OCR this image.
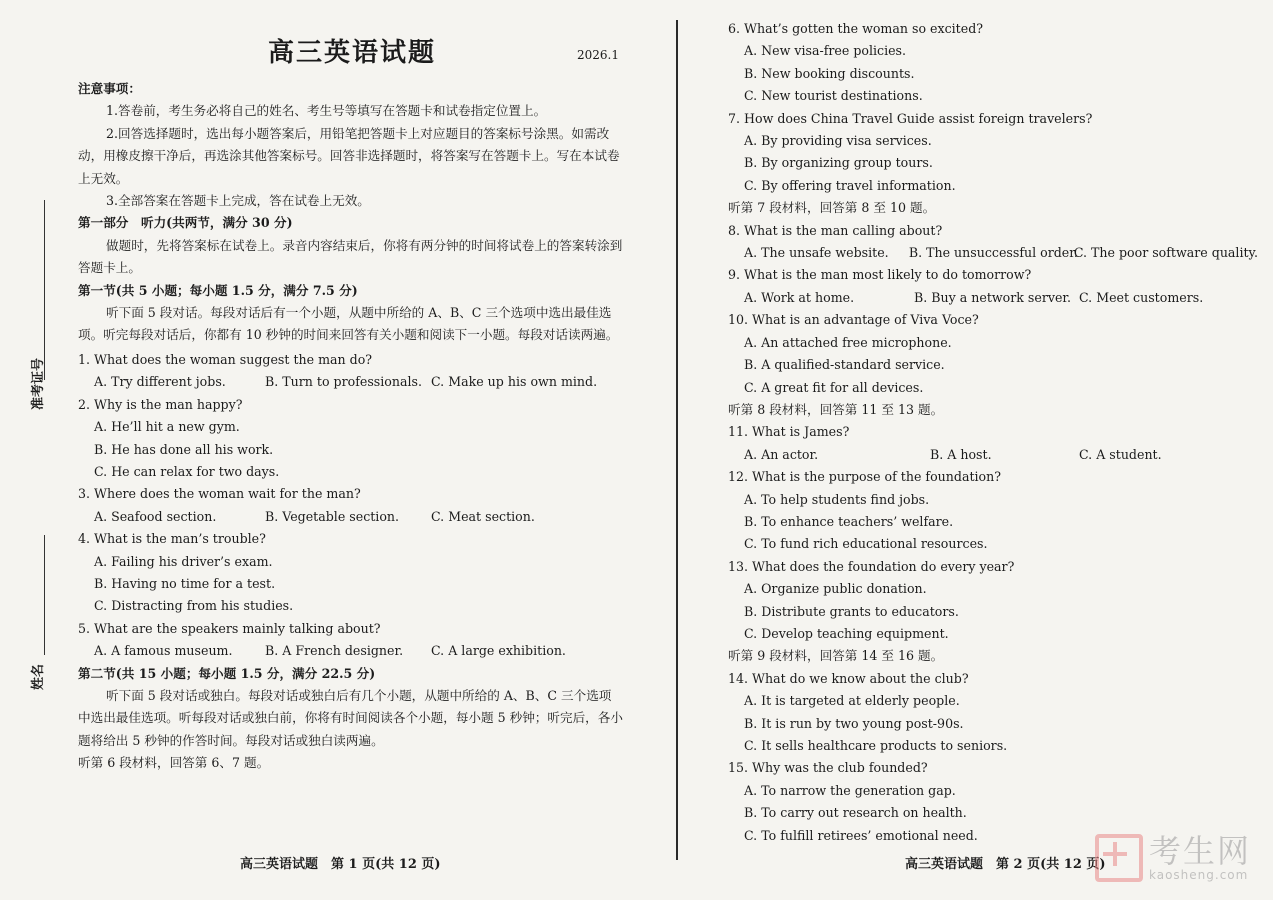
准考证号
姓名
高三英语试题	2026.1
注意事项：
1.答卷前，考生务必将自己的姓名、考生号等填写在答题卡和试卷指定位置上。
2.回答选择题时，选出每小题答案后，用铅笔把答题卡上对应题目的答案标号涂黑。如需改动，用橡皮擦干净后，再选涂其他答案标号。回答非选择题时，将答案写在答题卡上。写在本试卷上无效。
3.全部答案在答题卡上完成，答在试卷上无效。
第一部分　听力(共两节，满分 30 分)
做题时，先将答案标在试卷上。录音内容结束后，你将有两分钟的时间将试卷上的答案转涂到答题卡上。
第一节(共 5 小题；每小题 1.5 分，满分 7.5 分)
听下面 5 段对话。每段对话后有一个小题，从题中所给的 A、B、C 三个选项中选出最佳选项。听完每段对话后，你都有 10 秒钟的时间来回答有关小题和阅读下一小题。每段对话读两遍。
1. What does the woman suggest the man do?
A. Try different jobs.	B. Turn to professionals. C. Make up his own mind.
2. Why is the man happy?
A. He’ll hit a new gym.
B. He has done all his work.
C. He can relax for two days.
3. Where does the woman wait for the man?
A. Seafood section.	B. Vegetable section.	C. Meat section.
4. What is the man’s trouble?
A. Failing his driver’s exam.
B. Having no time for a test.
C. Distracting from his studies.
5. What are the speakers mainly talking about?
A. A famous museum.	B. A French designer.	C. A large exhibition.
第二节(共 15 小题；每小题 1.5 分，满分 22.5 分)
听下面 5 段对话或独白。每段对话或独白后有几个小题，从题中所给的 A、B、C 三个选项中选出最佳选项。听每段对话或独白前，你将有时间阅读各个小题，每小题 5 秒钟；听完后，各小题将给出 5 秒钟的作答时间。每段对话或独白读两遍。
听第 6 段材料，回答第 6、7 题。
高三英语试题　第 1 页(共 12 页)
6. What’s gotten the woman so excited?
A. New visa-free policies.
B. New booking discounts.
C. New tourist destinations.
7. How does China Travel Guide assist foreign travelers?
A. By providing visa services.
B. By organizing group tours.
C. By offering travel information.
听第 7 段材料，回答第 8 至 10 题。
8. What is the man calling about?
A. The unsafe website.	B. The unsuccessful order.
C. The poor software quality.
9. What is the man most likely to do tomorrow?
A. Work at home.	B. Buy a network server. C. Meet customers.
10. What is an advantage of Viva Voce?
A. An attached free microphone.
B. A qualified-standard service.
C. A great fit for all devices.
听第 8 段材料，回答第 11 至 13 题。
11. What is James?
A. An actor.	B. A host.	C. A student.
12. What is the purpose of the foundation?
A. To help students find jobs.
B. To enhance teachers’ welfare.
C. To fund rich educational resources.
13. What does the foundation do every year?
A. Organize public donation.
B. Distribute grants to educators.
C. Develop teaching equipment.
听第 9 段材料，回答第 14 至 16 题。
14. What do we know about the club?
A. It is targeted at elderly people.
B. It is run by two young post-90s.
C. It sells healthcare products to seniors.
15. Why was the club founded?
A. To narrow the generation gap.
B. To carry out research on health.
C. To fulfill retirees’ emotional need.
高三英语试题　第 2 页(共 12 页) 考生网
kaosheng.com
